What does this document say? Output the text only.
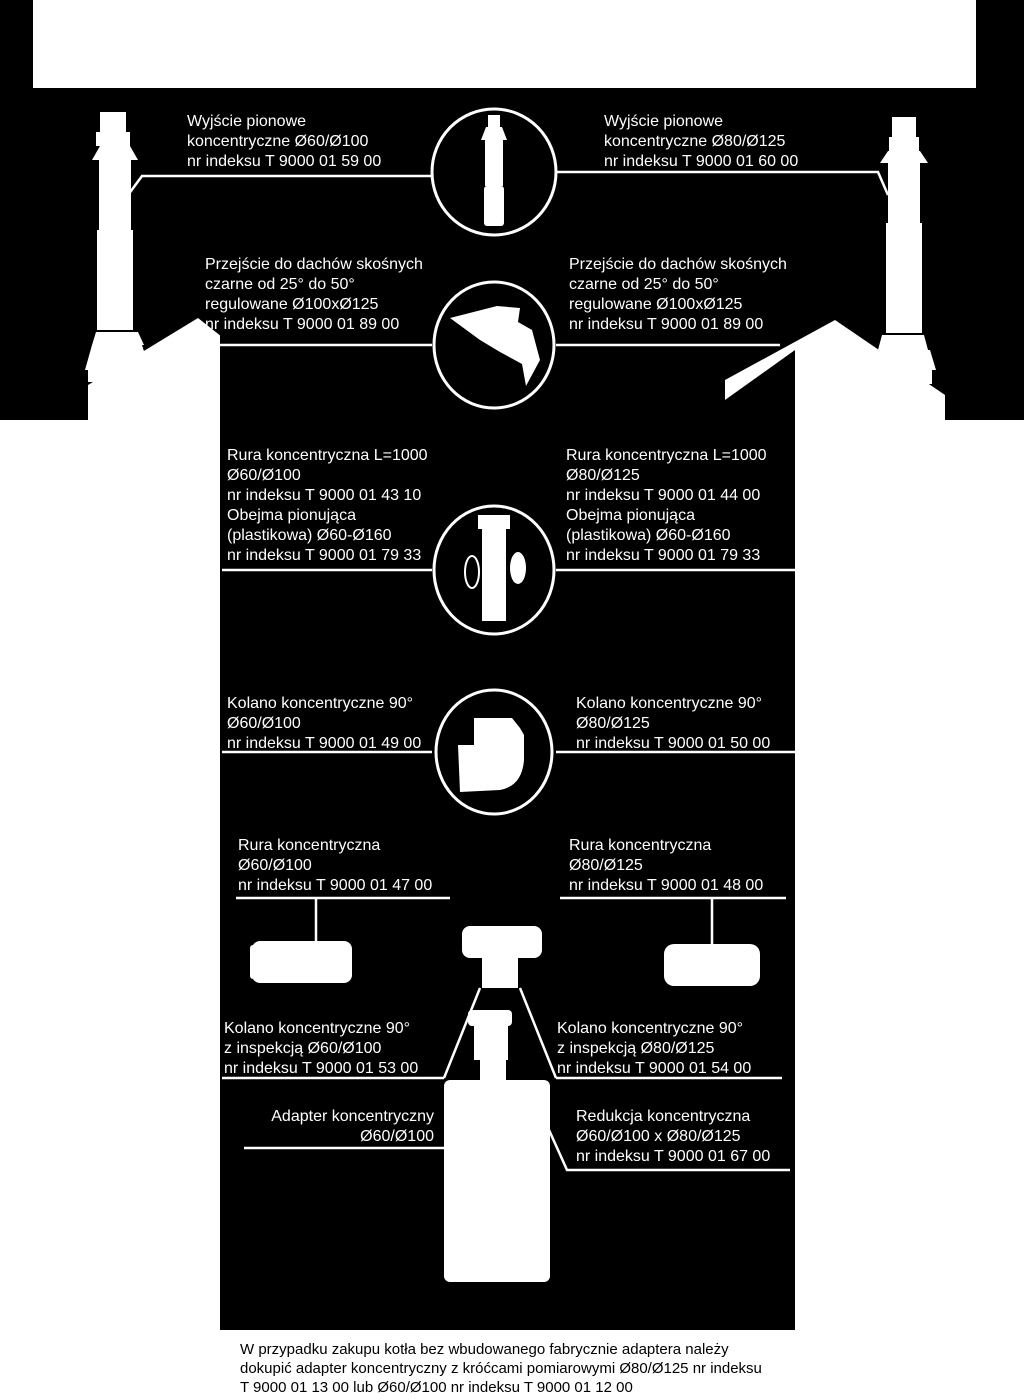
Wyjście pionowe
koncentryczne Ø60/Ø100
nr indeksu T 9000 01 59 00
Wyjście pionowe
koncentryczne Ø80/Ø125
nr indeksu T 9000 01 60 00
Przejście do dachów skośnych
czarne od 25° do 50°
regulowane Ø100xØ125
nr indeksu T 9000 01 89 00
Przejście do dachów skośnych
czarne od 25° do 50°
regulowane Ø100xØ125
nr indeksu T 9000 01 89 00
Rura koncentryczna L=1000
Ø60/Ø100
nr indeksu T 9000 01 43 10
Obejma pionująca
(plastikowa) Ø60-Ø160
nr indeksu T 9000 01 79 33
Rura koncentryczna L=1000
Ø80/Ø125
nr indeksu T 9000 01 44 00
Obejma pionująca
(plastikowa) Ø60-Ø160
nr indeksu T 9000 01 79 33
Kolano koncentryczne 90°
Ø60/Ø100
nr indeksu T 9000 01 49 00
Kolano koncentryczne 90°
Ø80/Ø125
nr indeksu T 9000 01 50 00
Rura koncentryczna
Ø60/Ø100
nr indeksu T 9000 01 47 00
Rura koncentryczna
Ø80/Ø125
nr indeksu T 9000 01 48 00
Kolano koncentryczne 90°
z inspekcją Ø60/Ø100
nr indeksu T 9000 01 53 00
Kolano koncentryczne 90°
z inspekcją Ø80/Ø125
nr indeksu T 9000 01 54 00
Adapter koncentryczny
Ø60/Ø100
Redukcja koncentryczna
Ø60/Ø100 x Ø80/Ø125
nr indeksu T 9000 01 67 00
W przypadku zakupu kotła bez wbudowanego fabrycznie adaptera należy
dokupić adapter koncentryczny z króćcami pomiarowymi Ø80/Ø125 nr indeksu
T 9000 01 13 00 lub Ø60/Ø100 nr indeksu T 9000 01 12 00
